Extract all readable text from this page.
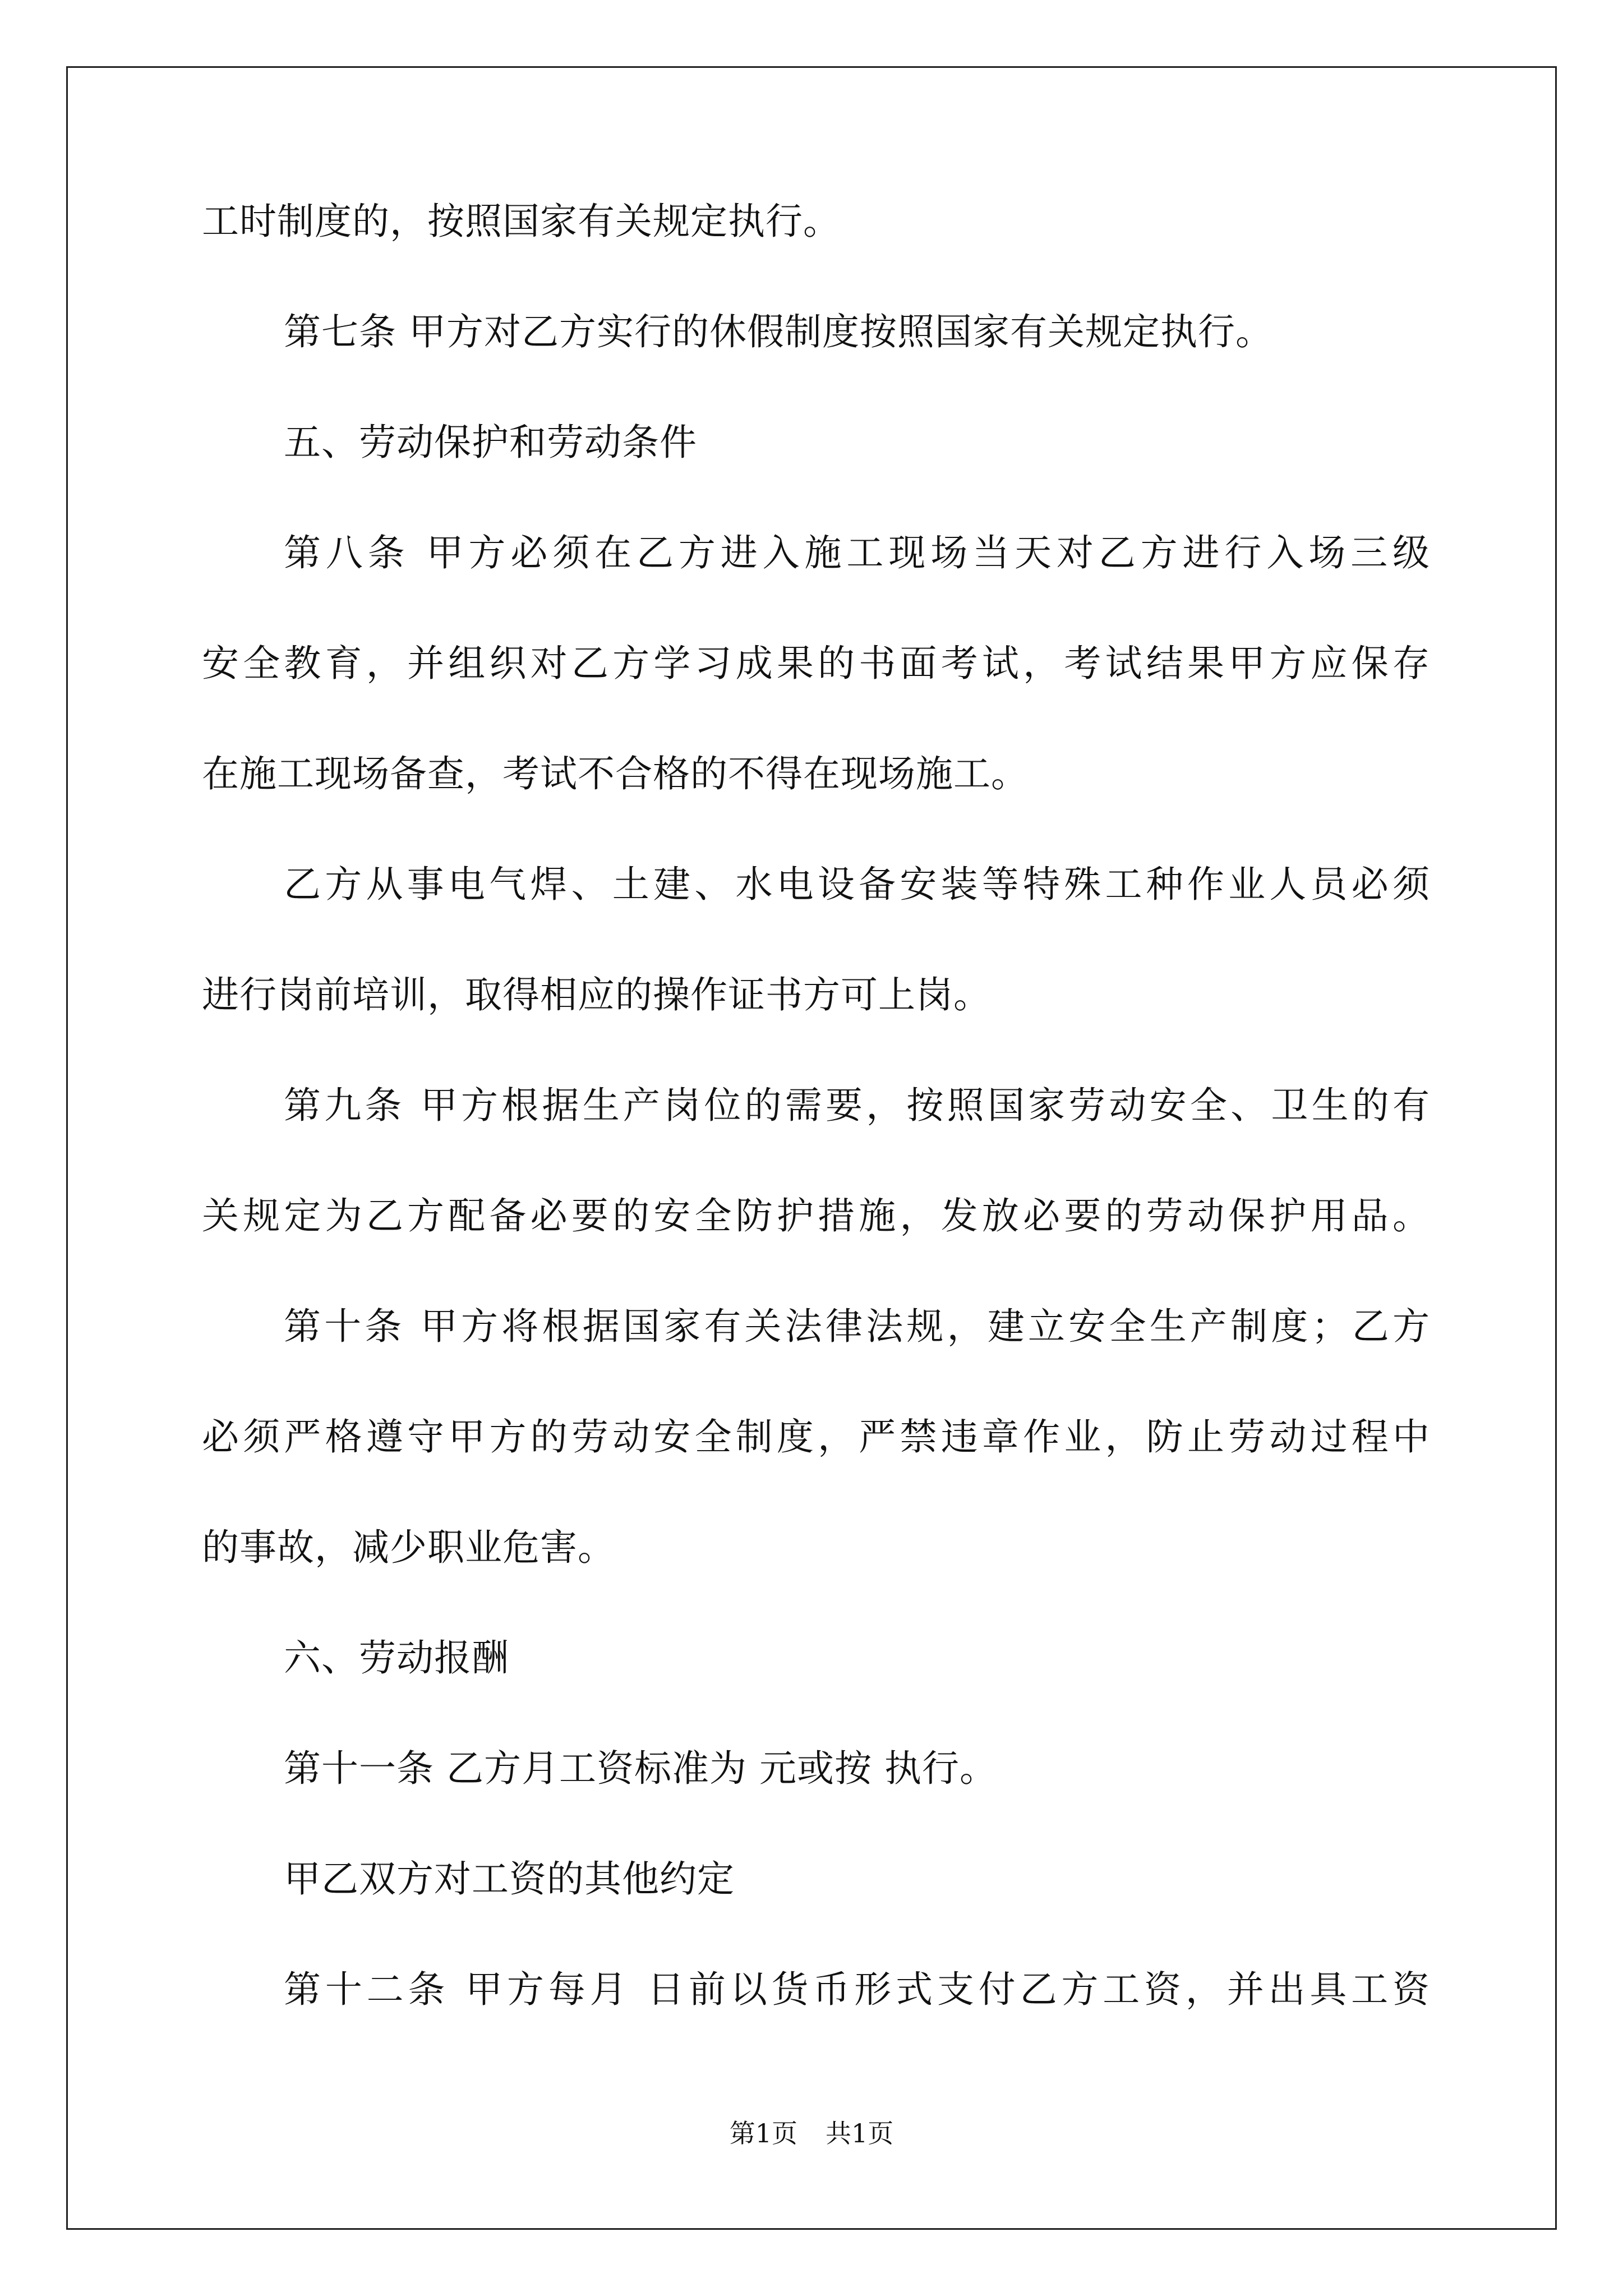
工时制度的，按照国家有关规定执行。
第七条 甲方对乙方实行的休假制度按照国家有关规定执行。
五、劳动保护和劳动条件
第八条 甲方必须在乙方进入施工现场当天对乙方进行入场三级
安全教育，并组织对乙方学习成果的书面考试，考试结果甲方应保存
在施工现场备查，考试不合格的不得在现场施工。
乙方从事电气焊、土建、水电设备安装等特殊工种作业人员必须
进行岗前培训，取得相应的操作证书方可上岗。
第九条 甲方根据生产岗位的需要，按照国家劳动安全、卫生的有
关规定为乙方配备必要的安全防护措施，发放必要的劳动保护用品。
第十条 甲方将根据国家有关法律法规，建立安全生产制度；乙方
必须严格遵守甲方的劳动安全制度，严禁违章作业，防止劳动过程中
的事故，减少职业危害。
六、劳动报酬
第十一条 乙方月工资标准为 元或按 执行。
甲乙双方对工资的其他约定
第十二条 甲方每月 日前以货币形式支付乙方工资，并出具工资
第1页 共1页
